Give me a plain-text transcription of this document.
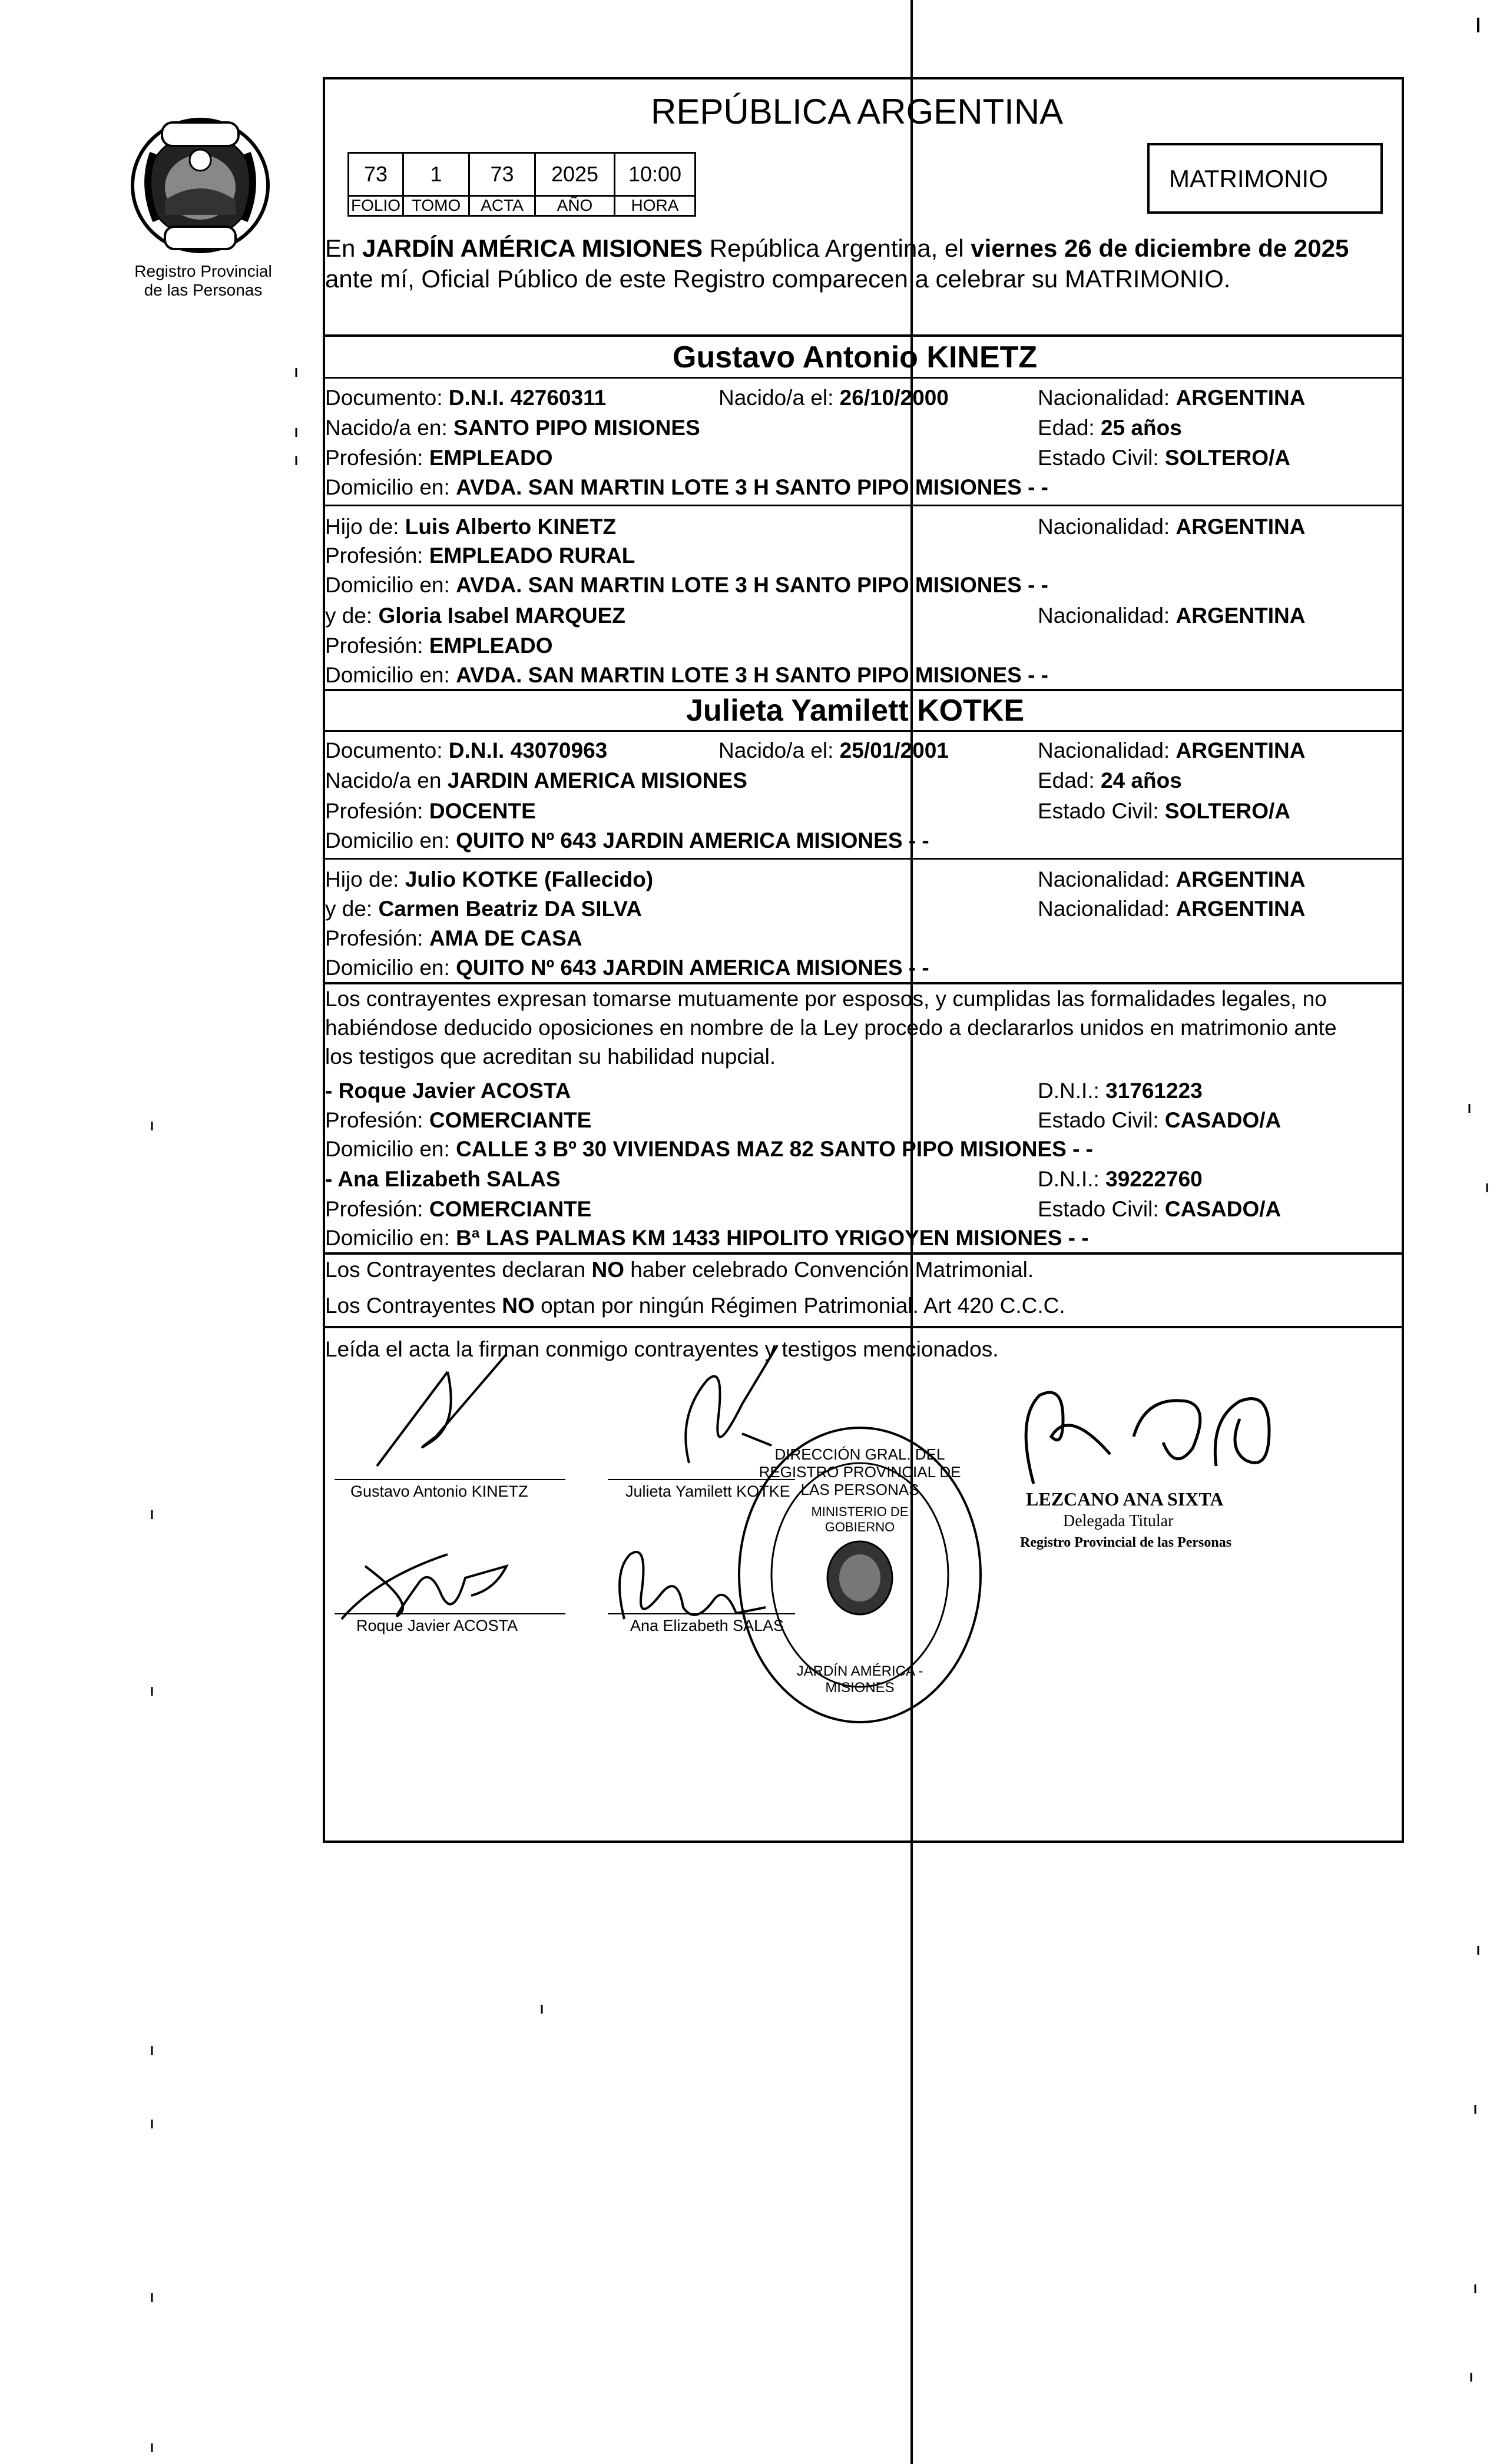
Registro Provincial
de las Personas
REPÚBLICA ARGENTINA
73	1	73	2025	10:00
FOLIO TOMO	ACTA	AÑO	HORA
MATRIMONIO
En JARDÍN AMÉRICA MISIONES República Argentina, el viernes 26 de diciembre de 2025
ante mí, Oficial Público de este Registro comparecen a celebrar su MATRIMONIO.
Gustavo Antonio KINETZ
Documento: D.N.I. 42760311	Nacido/a el: 26/10/2000	Nacionalidad: ARGENTINA
Nacido/a en: SANTO PIPO MISIONES	Edad: 25 años
Profesión: EMPLEADO	Estado Civil: SOLTERO/A
Domicilio en: AVDA. SAN MARTIN LOTE 3 H SANTO PIPO MISIONES - -
Hijo de: Luis Alberto KINETZ	Nacionalidad: ARGENTINA
Profesión: EMPLEADO RURAL
Domicilio en: AVDA. SAN MARTIN LOTE 3 H SANTO PIPO MISIONES - -
y de: Gloria Isabel MARQUEZ	Nacionalidad: ARGENTINA
Profesión: EMPLEADO
Domicilio en: AVDA. SAN MARTIN LOTE 3 H SANTO PIPO MISIONES - -
Julieta Yamilett KOTKE
Documento: D.N.I. 43070963	Nacido/a el: 25/01/2001	Nacionalidad: ARGENTINA
Nacido/a en JARDIN AMERICA MISIONES	Edad: 24 años
Profesión: DOCENTE	Estado Civil: SOLTERO/A
Domicilio en: QUITO Nº 643 JARDIN AMERICA MISIONES - -
Hijo de: Julio KOTKE (Fallecido)	Nacionalidad: ARGENTINA
y de: Carmen Beatriz DA SILVA	Nacionalidad: ARGENTINA
Profesión: AMA DE CASA
Domicilio en: QUITO Nº 643 JARDIN AMERICA MISIONES - -
Los contrayentes expresan tomarse mutuamente por esposos, y cumplidas las formalidades legales, no
habiéndose deducido oposiciones en nombre de la Ley procedo a declararlos unidos en matrimonio ante
los testigos que acreditan su habilidad nupcial.
- Roque Javier ACOSTA	D.N.I.: 31761223
Profesión: COMERCIANTE	Estado Civil: CASADO/A
Domicilio en: CALLE 3 Bº 30 VIVIENDAS MAZ 82 SANTO PIPO MISIONES - -
- Ana Elizabeth SALAS	D.N.I.: 39222760
Profesión: COMERCIANTE	Estado Civil: CASADO/A
Domicilio en: Bª LAS PALMAS KM 1433 HIPOLITO YRIGOYEN MISIONES - -
Los Contrayentes declaran NO haber celebrado Convención Matrimonial.
Los Contrayentes NO optan por ningún Régimen Patrimonial. Art 420 C.C.C.
Leída el acta la firman conmigo contrayentes y testigos mencionados.
Gustavo Antonio KINETZ	Julieta Yamilett KOTKE
Roque Javier ACOSTA	Ana Elizabeth SALAS
DIRECCIÓN GRAL. DEL REGISTRO PROVINCIAL DE LAS PERSONAS
MINISTERIO DE GOBIERNO
JARDÍN AMÉRICA - MISIONES
LEZCANO ANA SIXTA
Delegada Titular
Registro Provincial de las Personas
